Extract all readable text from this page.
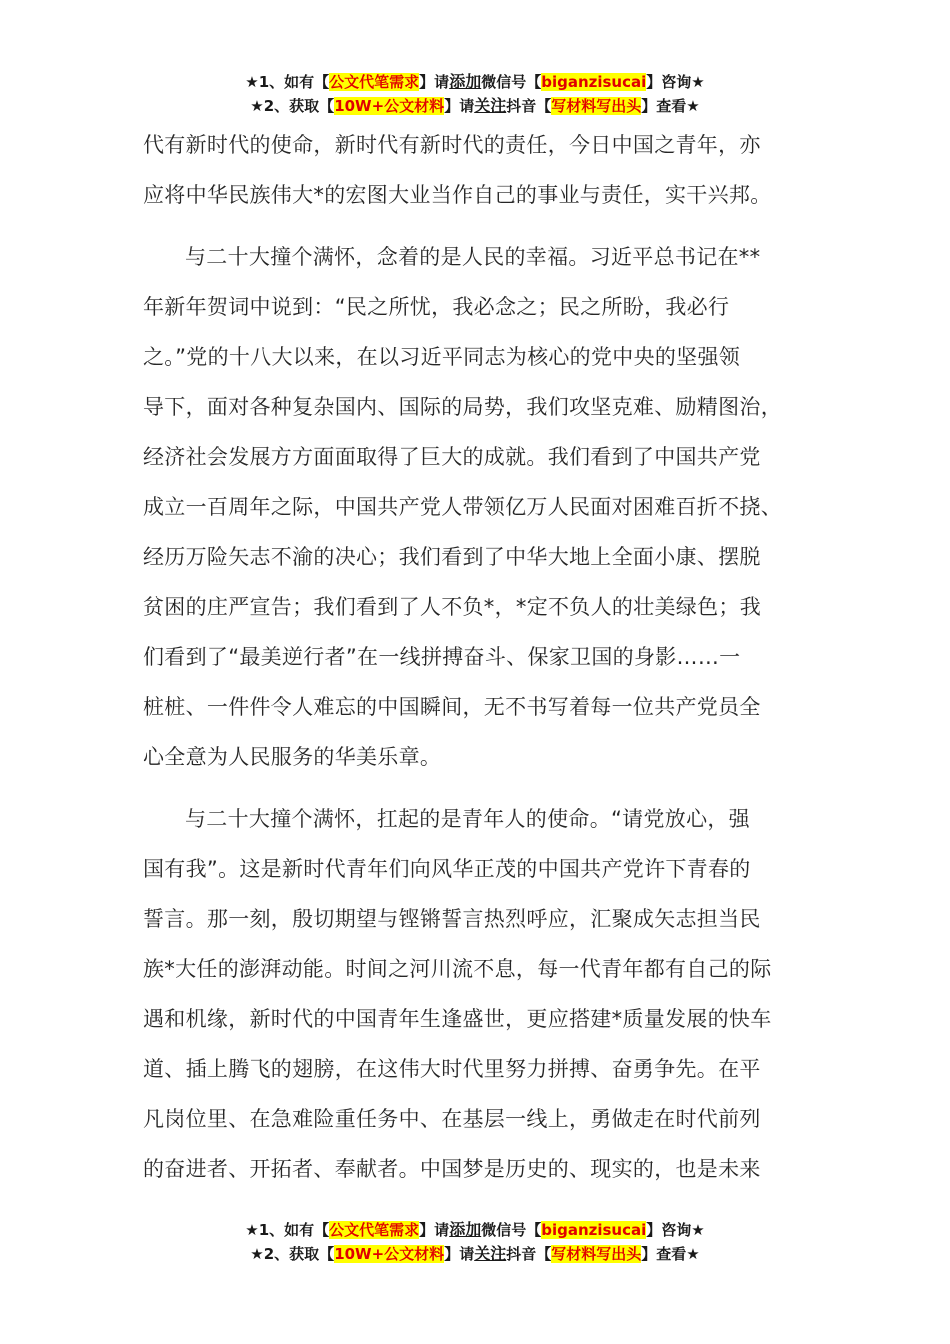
★1、如有【公文代笔需求】请添加微信号【biganzisucai】咨询★
★2、获取【10W+公文材料】请关注抖音【写材料写出头】查看★
代有新时代的使命，新时代有新时代的责任，今日中国之青年，亦
应将中华民族伟大*的宏图大业当作自己的事业与责任，实干兴邦。
与二十大撞个满怀，念着的是人民的幸福。习近平总书记在**
年新年贺词中说到：“民之所忧，我必念之；民之所盼，我必行
之。”党的十八大以来，在以习近平同志为核心的党中央的坚强领
导下，面对各种复杂国内、国际的局势，我们攻坚克难、励精图治，
经济社会发展方方面面取得了巨大的成就。我们看到了中国共产党
成立一百周年之际，中国共产党人带领亿万人民面对困难百折不挠、
经历万险矢志不渝的决心；我们看到了中华大地上全面小康、摆脱
贫困的庄严宣告；我们看到了人不负*，*定不负人的壮美绿色；我
们看到了“最美逆行者”在一线拼搏奋斗、保家卫国的身影……一
桩桩、一件件令人难忘的中国瞬间，无不书写着每一位共产党员全
心全意为人民服务的华美乐章。
与二十大撞个满怀，扛起的是青年人的使命。“请党放心，强
国有我”。这是新时代青年们向风华正茂的中国共产党许下青春的
誓言。那一刻，殷切期望与铿锵誓言热烈呼应，汇聚成矢志担当民
族*大任的澎湃动能。时间之河川流不息，每一代青年都有自己的际
遇和机缘，新时代的中国青年生逢盛世，更应搭建*质量发展的快车
道、插上腾飞的翅膀，在这伟大时代里努力拼搏、奋勇争先。在平
凡岗位里、在急难险重任务中、在基层一线上，勇做走在时代前列
的奋进者、开拓者、奉献者。中国梦是历史的、现实的，也是未来
★1、如有【公文代笔需求】请添加微信号【biganzisucai】咨询★
★2、获取【10W+公文材料】请关注抖音【写材料写出头】查看★
